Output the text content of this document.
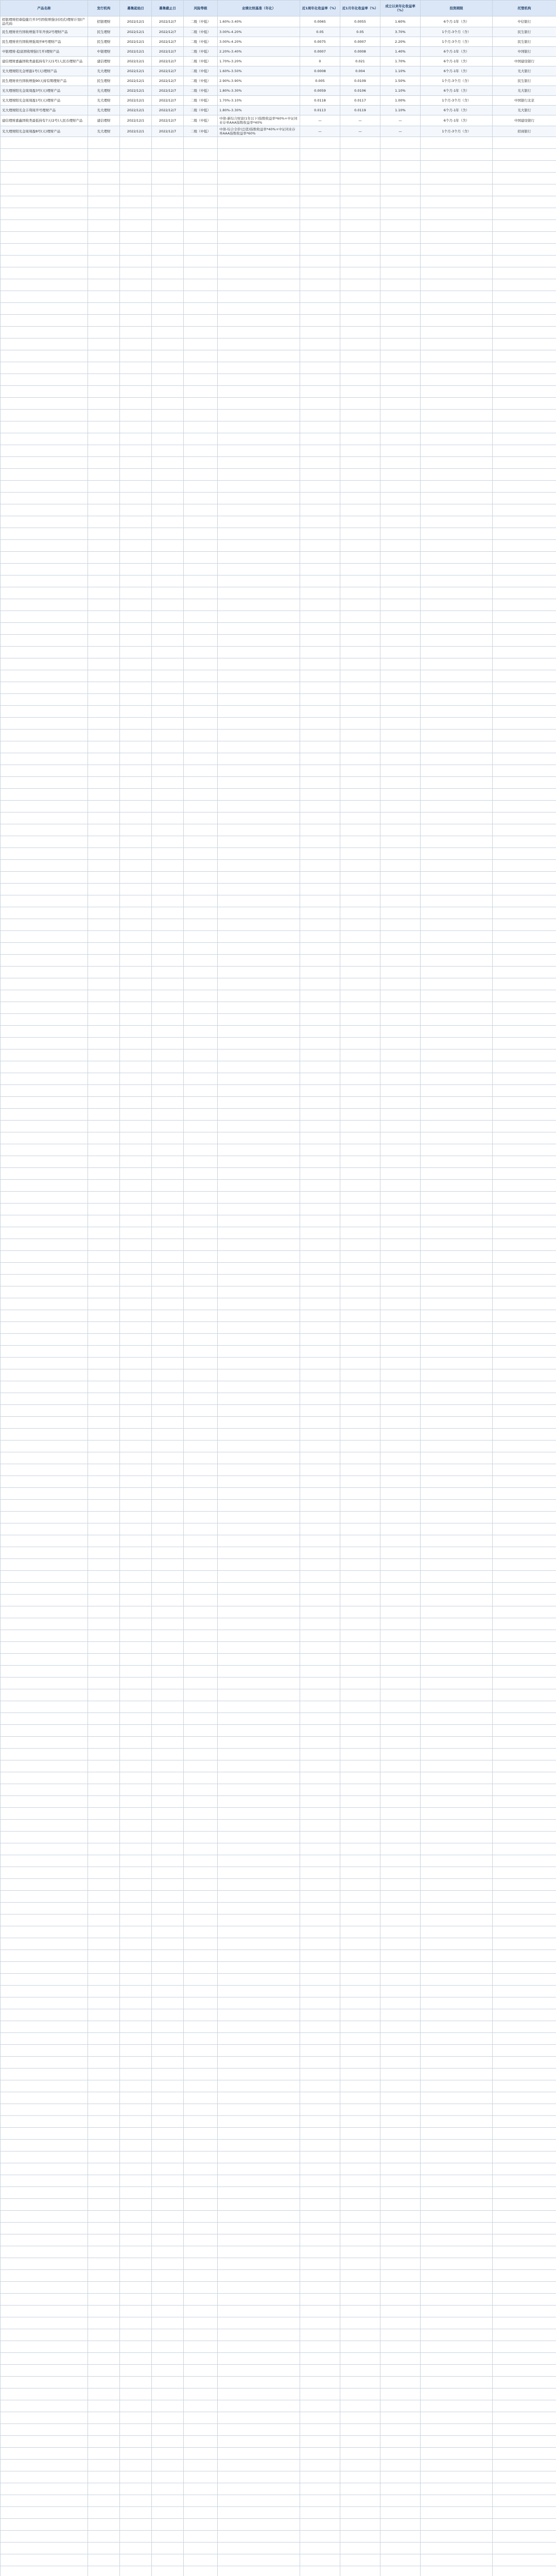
产品名称	发行机构	募集起始日	募集截止日	风险等级	业绩比较基准（年化）	近1周年化收益率（%）	近1月年化收益率（%）	成立以来年化收益率（%）	投资期限	托管机构
招银理财招睿稳健月开3号固收增强(封闭式)理财计划(产品代码:	招银理财	2022/12/1	2022/12/7	二级（中低）	1.60%-3.40%	0.0065	0.0055	1.60%	6个月-1年（含）	中信银行
民生理财贵竹固收增强半年开放2号理财产品	民生理财	2022/12/1	2022/12/7	二级（中低）	3.00%-4.20%	0.05	0.05	3.70%	1个月-3个月（含）	民生银行
民生理财贵竹固收增强周开8号理财产品	民生理财	2022/12/1	2022/12/7	二级（中低）	3.00%-4.20%	0.0075	0.0007	2.20%	1个月-3个月（含）	民生银行
中银理财-稳富固收增强(月开)理财产品	中银理财	2022/12/1	2022/12/7	二级（中低）	2.20%-3.40%	0.0007	0.0008	1.40%	6个月-1年（含）	中国银行
建信理财嘉鑫固收类最低持有7天(1号)人民币理财产品	建信理财	2022/12/1	2022/12/7	二级（中低）	1.70%-3.20%	0	0.021	1.70%	6个月-1年（含）	中国建设银行
光大理财阳光金增盈1号(天)理财产品	光大理财	2022/12/1	2022/12/7	二级（中低）	1.60%-3.50%	0.0008	0.004	1.10%	6个月-1年（含）	光大银行
民生理财贵竹固收增强90天持有期理财产品	民生理财	2022/12/1	2022/12/7	二级（中低）	2.90%-3.90%	0.005	0.0109	1.50%	1个月-3个月（含）	民生银行
光大理财阳光金周周盈3号(天)理财产品	光大理财	2022/12/1	2022/12/7	二级（中低）	1.80%-3.30%	0.0059	0.0106	1.10%	6个月-1年（含）	光大银行
光大理财阳光金周周盈1号(天)理财产品	光大理财	2022/12/1	2022/12/7	二级（中低）	1.70%-3.10%	0.0118	0.0117	1.00%	1个月-3个月（含）	中国银行北京
光大理财阳光金丰利周开号理财产品	光大理财	2022/12/1	2022/12/7	二级（中低）	1.80%-3.30%	0.0113	0.0119	1.10%	6个月-1年（含）	光大银行
建信理财嘉鑫固收类最低持有7天(2号)人民币理财产品	建信理财	2022/12/1	2022/12/7	二级（中低）	中债-新综合财富(1年以下)指数收益率*60%+中证同业存单AAA指数收益率*40%	—	—	—	6个月-1年（含）	中国建设银行
光大理财阳光金周周盈8号(天)理财产品	光大理财	2022/12/1	2022/12/7	二级（中低）	中债-综合全价(总值)指数收益率*40%+中证同业存单AAA指数收益率*60%	—	—	—	1个月-3个月（含）	招商银行
